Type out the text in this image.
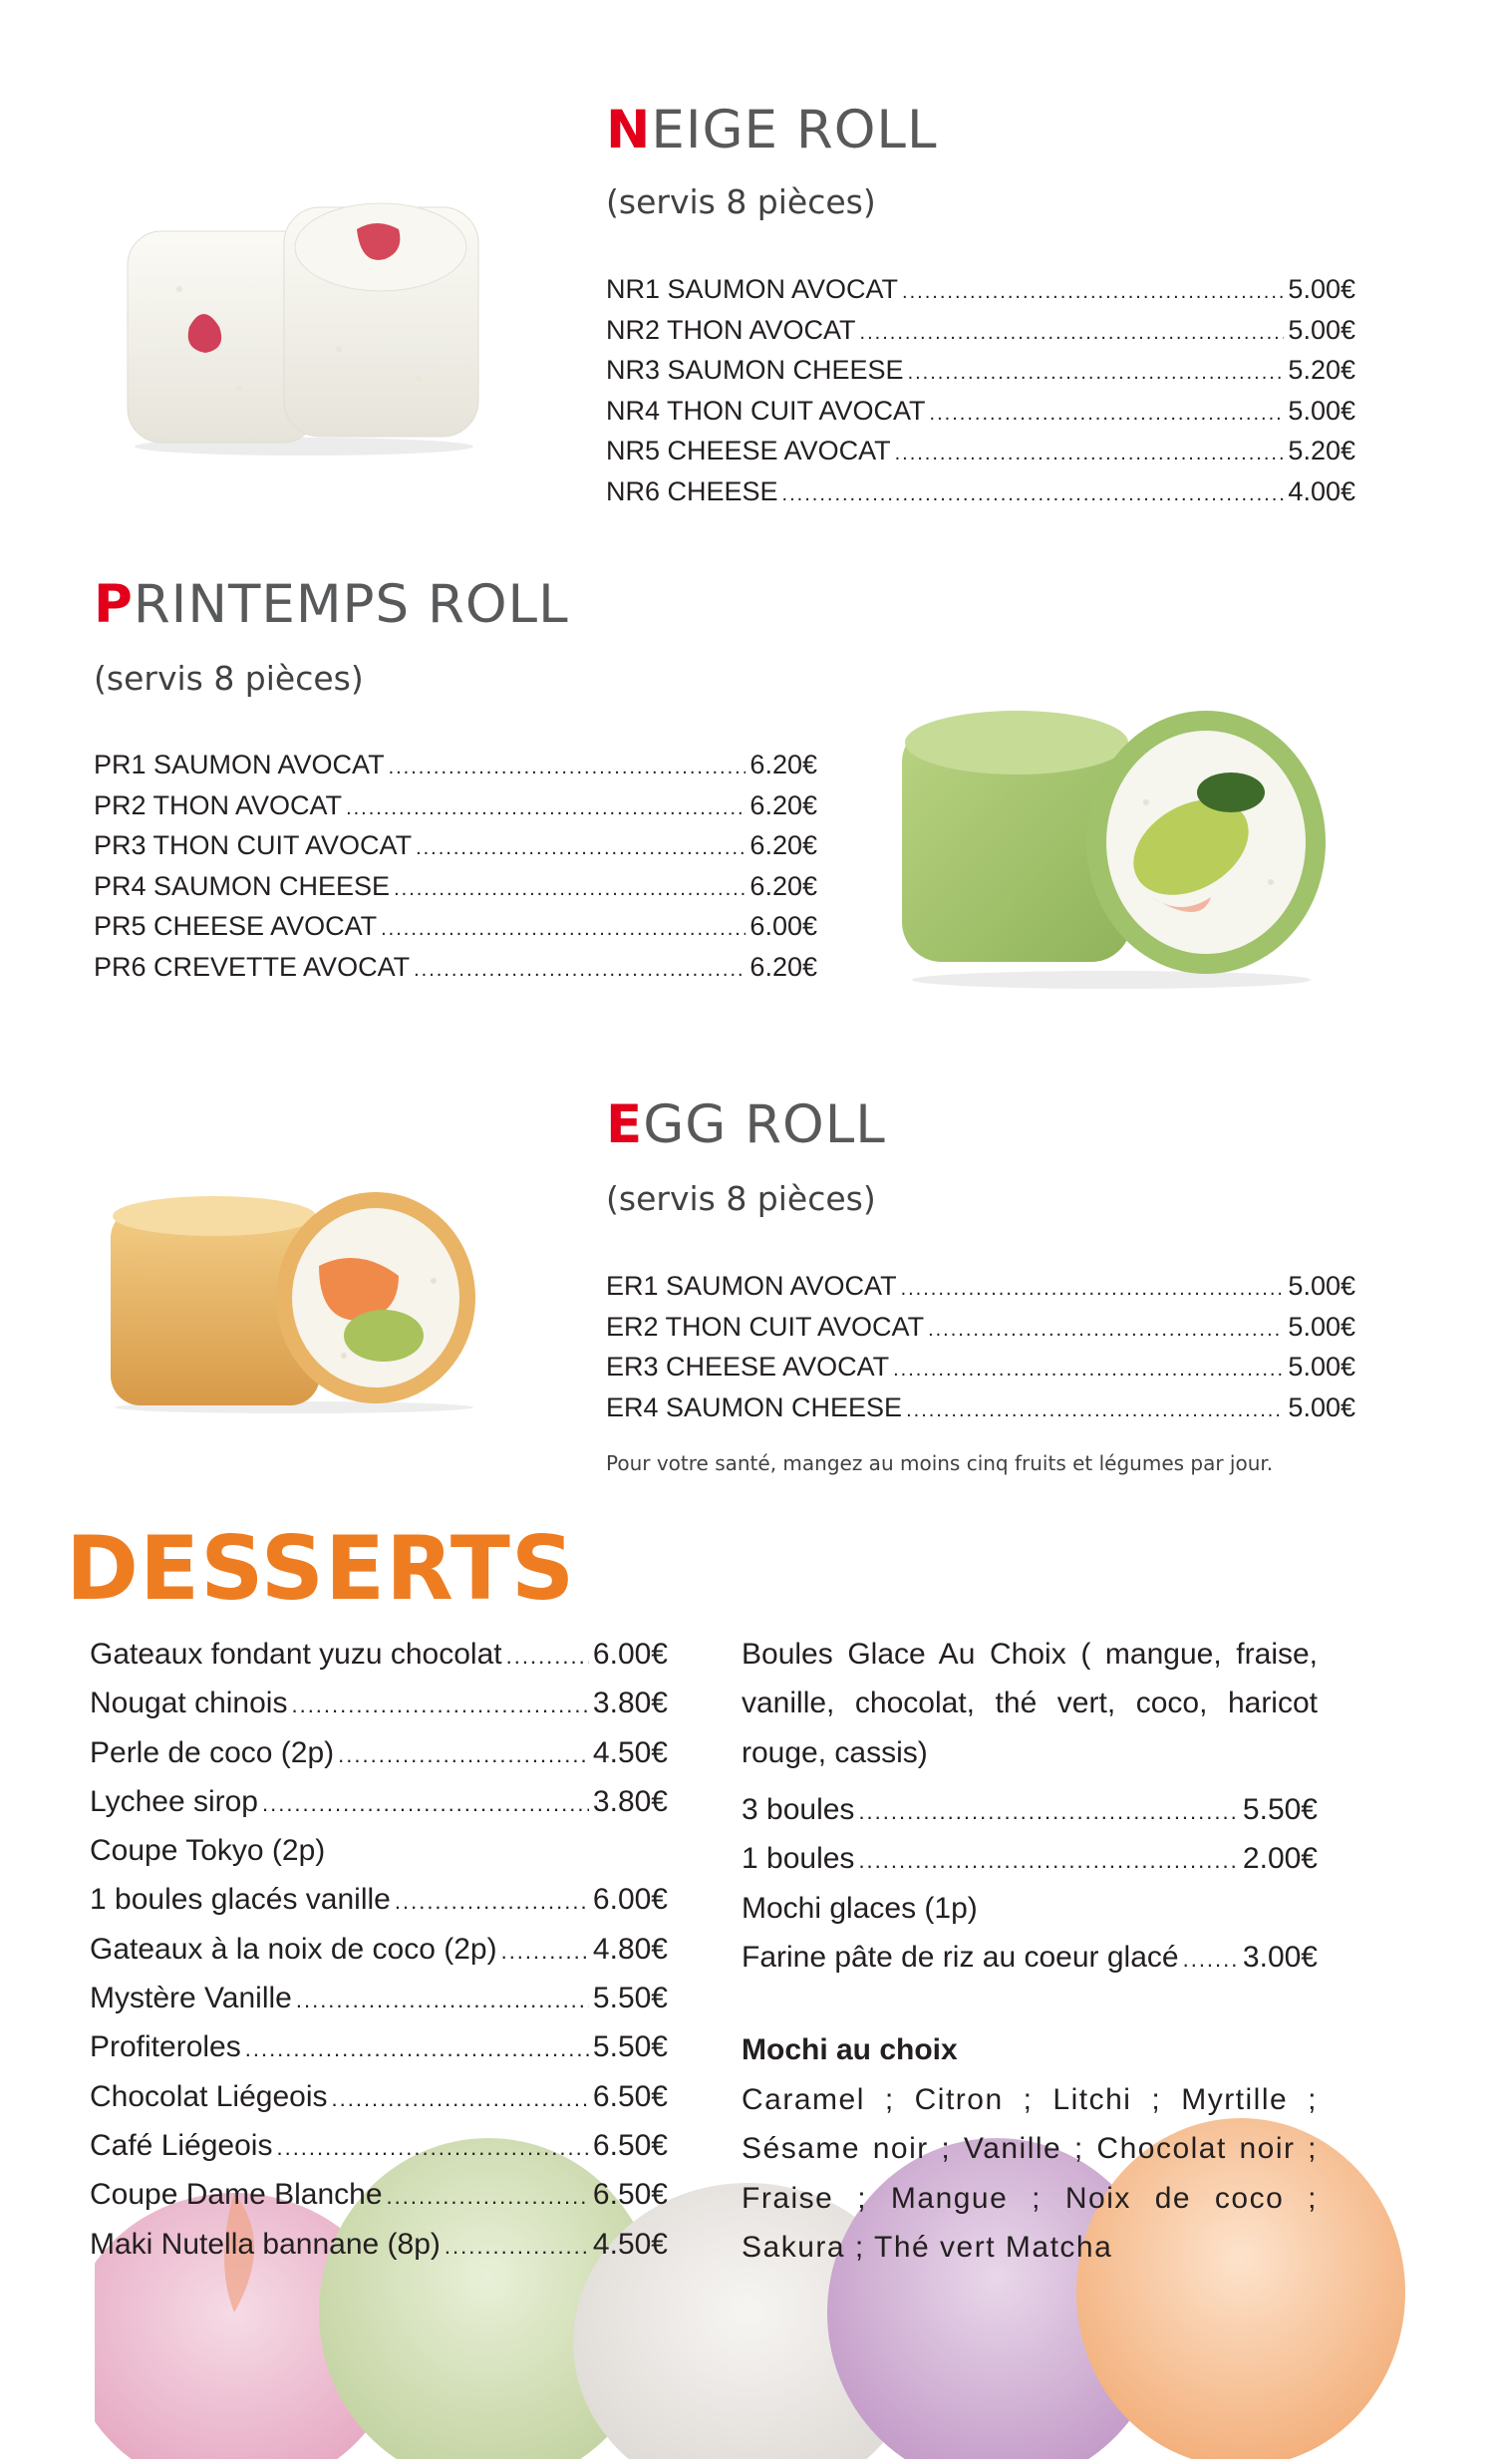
NEIGE ROLL
(servis 8 pièces)
NR1 SAUMON AVOCAT .....	5.00€
NR2 THON AVOCAT .....	5.00€
NR3 SAUMON CHEESE .....	5.20€
NR4 THON CUIT AVOCAT .....	5.00€
NR5 CHEESE AVOCAT .....	5.20€
NR6 CHEESE .....	4.00€
PRINTEMPS ROLL
(servis 8 pièces)
PR1 SAUMON AVOCAT .....	6.20€
PR2 THON AVOCAT .....	6.20€
PR3 THON CUIT AVOCAT .....	6.20€
PR4 SAUMON CHEESE .....	6.20€
PR5 CHEESE AVOCAT .....	6.00€
PR6 CREVETTE AVOCAT .....	6.20€
EGG ROLL
(servis 8 pièces)
ER1 SAUMON AVOCAT .....	5.00€
ER2 THON CUIT AVOCAT .....	5.00€
ER3 CHEESE AVOCAT .....	5.00€
ER4 SAUMON CHEESE .....	5.00€
Pour votre santé, mangez au moins cinq fruits et légumes par jour.
DESSERTS
Gateaux fondant yuzu chocolat .....	6.00€
Nougat chinois .....	3.80€
Perle de coco (2p) .....	4.50€
Lychee sirop .....	3.80€
Coupe Tokyo (2p)
1 boules glacés vanille .....	6.00€
Gateaux à la noix de coco (2p) .....	4.80€
Mystère Vanille .....	5.50€
Profiteroles .....	5.50€
Chocolat Liégeois .....	6.50€
Café Liégeois .....	6.50€
Coupe Dame Blanche .....	6.50€
Maki Nutella bannane (8p) .....	4.50€
Boules Glace Au Choix ( mangue, fraise, vanille, chocolat, thé vert, coco, haricot rouge, cassis)
3 boules .....	5.50€
1 boules .....	2.00€
Mochi glaces (1p)
Farine pâte de riz au coeur glacé ..... 3.00€
Mochi au choix
Caramel ; Citron ; Litchi ; Myrtille ; Sésame noir ; Vanille ; Chocolat noir ; Fraise ; Mangue ; Noix de coco ; Sakura ; Thé vert Matcha
